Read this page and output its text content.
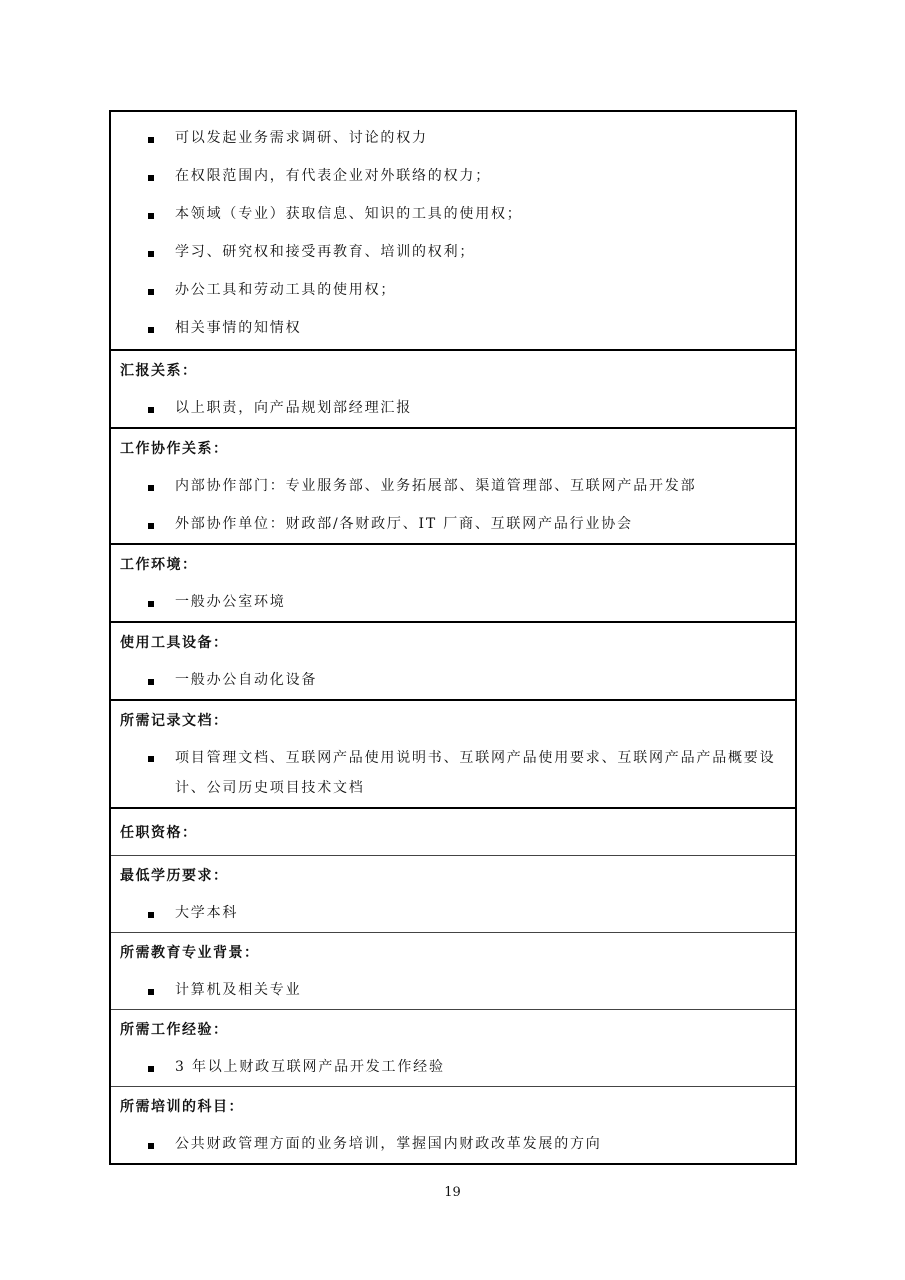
可以发起业务需求调研、讨论的权力
在权限范围内，有代表企业对外联络的权力；
本领域（专业）获取信息、知识的工具的使用权；
学习、研究权和接受再教育、培训的权利；
办公工具和劳动工具的使用权；
相关事情的知情权
汇报关系：
以上职责，向产品规划部经理汇报
工作协作关系：
内部协作部门：专业服务部、业务拓展部、渠道管理部、互联网产品开发部
外部协作单位：财政部/各财政厅、IT 厂商、互联网产品行业协会
工作环境：
一般办公室环境
使用工具设备：
一般办公自动化设备
所需记录文档：
项目管理文档、互联网产品使用说明书、互联网产品使用要求、互联网产品产品概要设计、公司历史项目技术文档
任职资格：
最低学历要求：
大学本科
所需教育专业背景：
计算机及相关专业
所需工作经验：
3 年以上财政互联网产品开发工作经验
所需培训的科目：
公共财政管理方面的业务培训，掌握国内财政改革发展的方向
19
